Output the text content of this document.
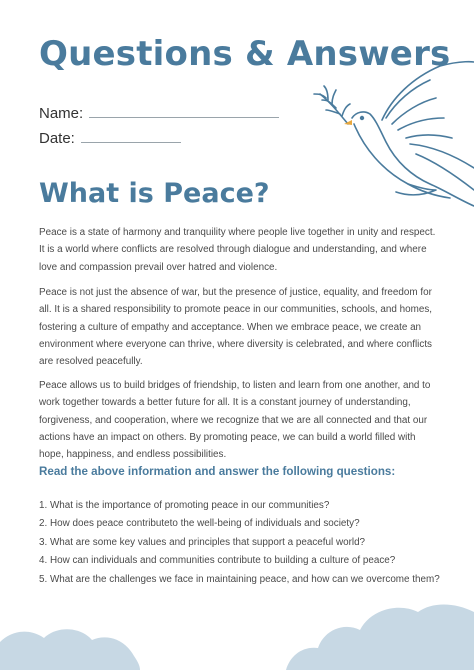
Questions & Answers
Name:
Date:
What is Peace?

Peace is a state of harmony and tranquility where people live together in unity and respect. It is a world where conflicts are resolved through dialogue and understanding, and where love and compassion prevail over hatred and violence.

Peace is not just the absence of war, but the presence of justice, equality, and freedom for all. It is a shared responsibility to promote peace in our communities, schools, and homes, fostering a culture of empathy and acceptance. When we embrace peace, we create an environment where everyone can thrive, where diversity is celebrated, and where conflicts are resolved peacefully.

Peace allows us to build bridges of friendship, to listen and learn from one another, and to work together towards a better future for all. It is a constant journey of understanding, forgiveness, and cooperation, where we recognize that we are all connected and that our actions have an impact on others. By promoting peace, we can build a world filled with hope, happiness, and endless possibilities.

Read the above information and answer the following questions:
1. What is the importance of promoting peace in our communities?
2. How does peace contributeto the well-being of individuals and society?
3. What are some key values and principles that support a peaceful world?
4. How can individuals and communities contribute to building a culture of peace?
5. What are the challenges we face in maintaining peace, and how can we overcome them?
